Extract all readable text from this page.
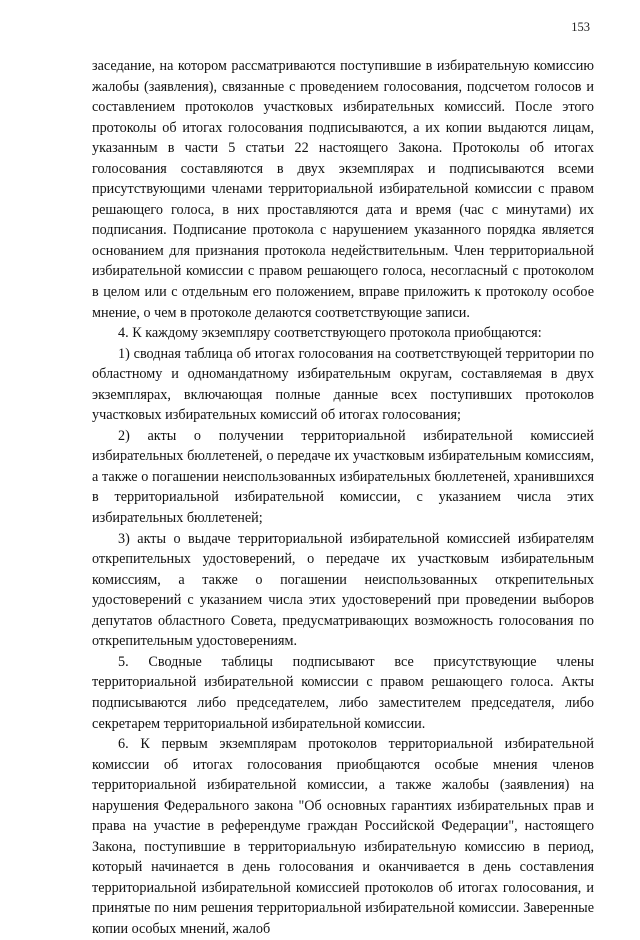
153

заседание, на котором рассматриваются поступившие в избирательную комиссию жалобы (заявления), связанные с проведением голосования, подсчетом голосов и составлением протоколов участковых избирательных комиссий. После этого протоколы об итогах голосования подписываются, а их копии выдаются лицам, указанным в части 5 статьи 22 настоящего Закона. Протоколы об итогах голосования составляются в двух экземплярах и подписываются всеми присутствующими членами территориальной избирательной комиссии с правом решающего голоса, в них проставляются дата и время (час с минутами) их подписания. Подписание протокола с нарушением указанного порядка является основанием для признания протокола недействительным. Член территориальной избирательной комиссии с правом решающего голоса, несогласный с протоколом в целом или с отдельным его положением, вправе приложить к протоколу особое мнение, о чем в протоколе делаются соответствующие записи.

4. К каждому экземпляру соответствующего протокола приобщаются:

1) сводная таблица об итогах голосования на соответствующей территории по областному и одномандатному избирательным округам, составляемая в двух экземплярах, включающая полные данные всех поступивших протоколов участковых избирательных комиссий об итогах голосования;

2) акты о получении территориальной избирательной комиссией избирательных бюллетеней, о передаче их участковым избирательным комиссиям, а также о погашении неиспользованных избирательных бюллетеней, хранившихся в территориальной избирательной комиссии, с указанием числа этих избирательных бюллетеней;

3) акты о выдаче территориальной избирательной комиссией избирателям открепительных удостоверений, о передаче их участковым избирательным комиссиям, а также о погашении неиспользованных открепительных удостоверений с указанием числа этих удостоверений при проведении выборов депутатов областного Совета, предусматривающих возможность голосования по открепительным удостоверениям.

5. Сводные таблицы подписывают все присутствующие члены территориальной избирательной комиссии с правом решающего голоса. Акты подписываются либо председателем, либо заместителем председателя, либо секретарем территориальной избирательной комиссии.

6. К первым экземплярам протоколов территориальной избирательной комиссии об итогах голосования приобщаются особые мнения членов территориальной избирательной комиссии, а также жалобы (заявления) на нарушения Федерального закона "Об основных гарантиях избирательных прав и права на участие в референдуме граждан Российской Федерации", настоящего Закона, поступившие в территориальную избирательную комиссию в период, который начинается в день голосования и оканчивается в день составления территориальной избирательной комиссией протоколов об итогах голосования, и принятые по ним решения территориальной избирательной комиссии. Заверенные копии особых мнений, жалоб
